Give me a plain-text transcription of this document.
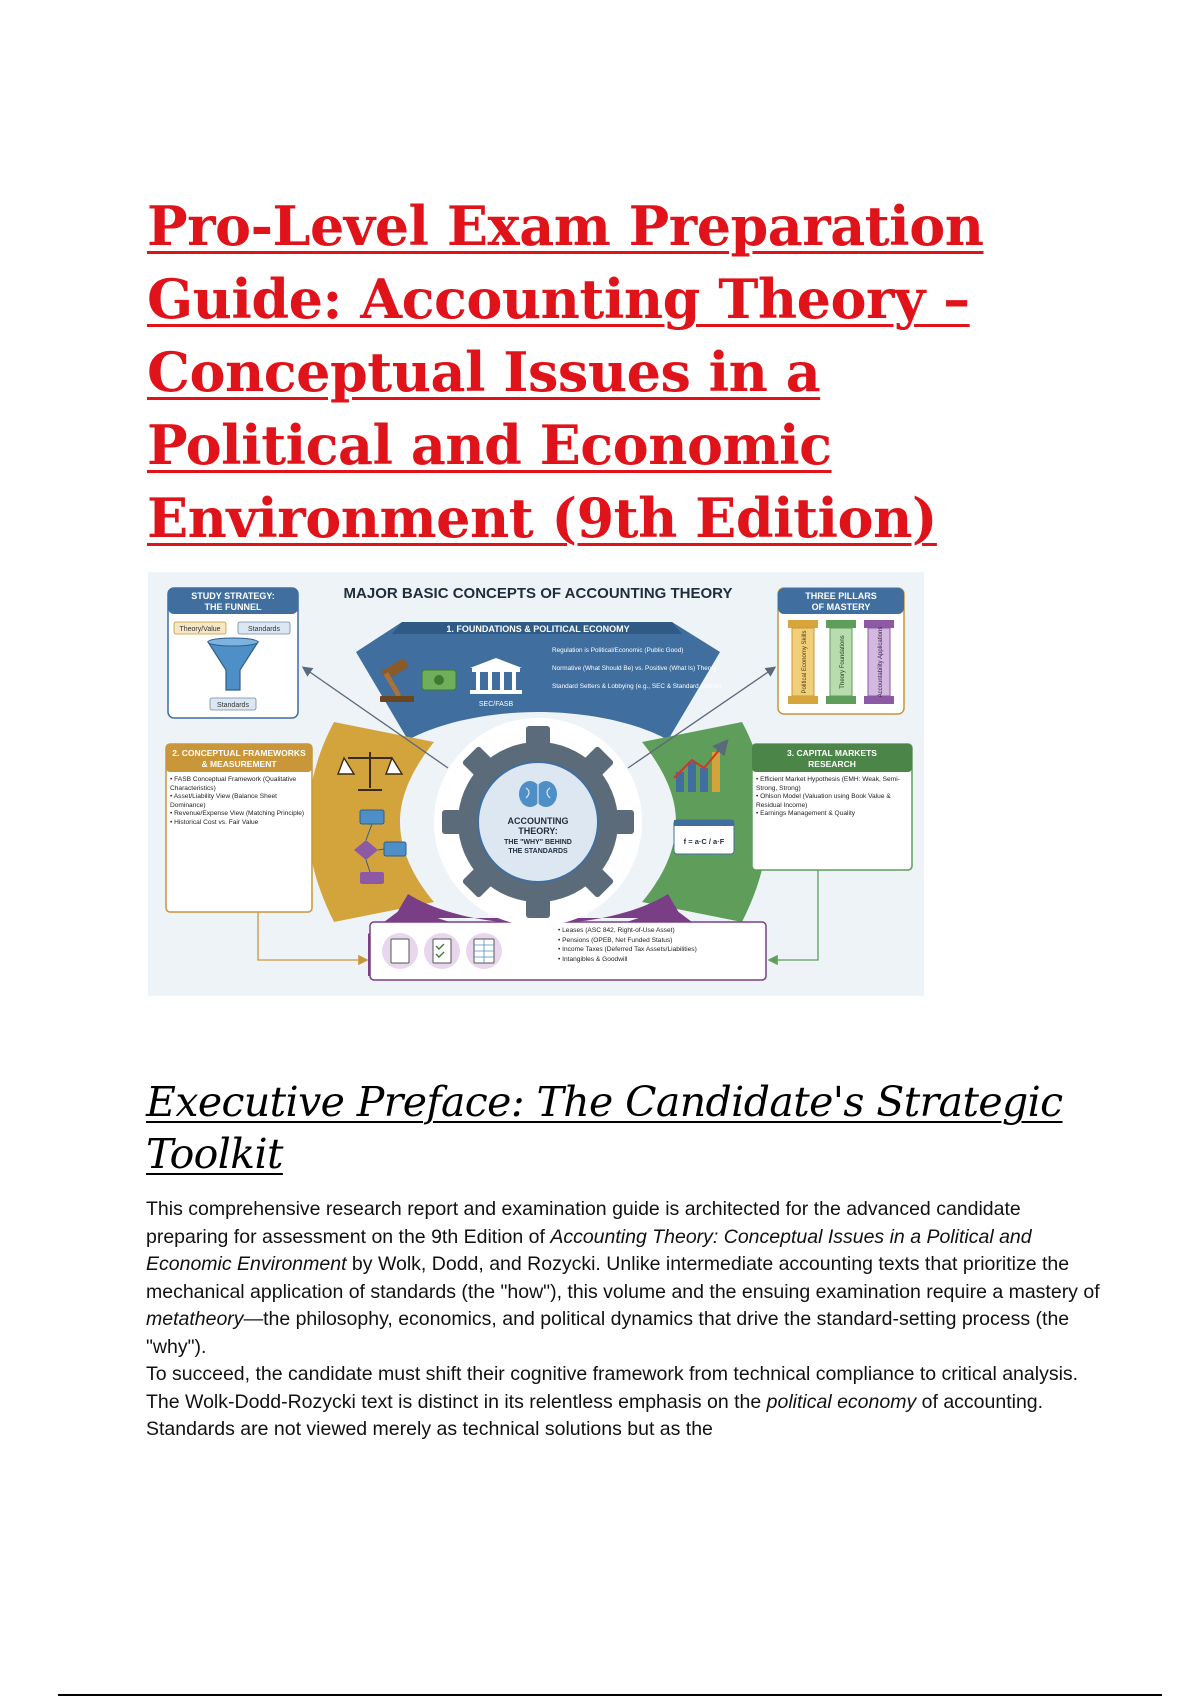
Pro-Level Exam Preparation Guide: Accounting Theory – Conceptual Issues in a Political and Economic Environment (9th Edition)
MAJOR BASIC CONCEPTS OF ACCOUNTING THEORY
STUDY STRATEGY:
THE FUNNEL
Theory/Value	Standards
Standards
THREE PILLARS
OF MASTERY
Political Economy Skills	Theory Foundations	Accountability Applications
1. FOUNDATIONS & POLITICAL ECONOMY
SEC/FASB
Regulation is Political/Economic (Public Good)
Normative (What Should Be) vs. Positive (What Is) Theory
Standard Setters & Lobbying (e.g., SEC & Standard Option)
2. CONCEPTUAL FRAMEWORKS
& MEASUREMENT
• FASB Conceptual Framework (Qualitative Characteristics)
• Asset/Liability View (Balance Sheet Dominance)
• Revenue/Expense View (Matching Principle)
• Historical Cost vs. Fair Value
f = a·C / a·F
3. CAPITAL MARKETS
RESEARCH
• Efficient Market Hypothesis (EMH: Weak, Semi-Strong, Strong)
• Ohlson Model (Valuation using Book Value & Residual Income)
• Earnings Management & Quality
• Leases (ASC 842, Right-of-Use Asset)
• Pensions (OPEB, Net Funded Status)
• Income Taxes (Deferred Tax Assets/Liabilities)
• Intangibles & Goodwill
ACCOUNTING
THEORY:
THE "WHY" BEHIND
THE STANDARDS
Executive Preface: The Candidate's Strategic Toolkit

This comprehensive research report and examination guide is architected for the advanced candidate preparing for assessment on the 9th Edition of Accounting Theory: Conceptual Issues in a Political and Economic Environment by Wolk, Dodd, and Rozycki. Unlike intermediate accounting texts that prioritize the mechanical application of standards (the "how"), this volume and the ensuing examination require a mastery of metatheory—the philosophy, economics, and political dynamics that drive the standard-setting process (the "why").

To succeed, the candidate must shift their cognitive framework from technical compliance to critical analysis. The Wolk-Dodd-Rozycki text is distinct in its relentless emphasis on the political economy of accounting. Standards are not viewed merely as technical solutions but as the
